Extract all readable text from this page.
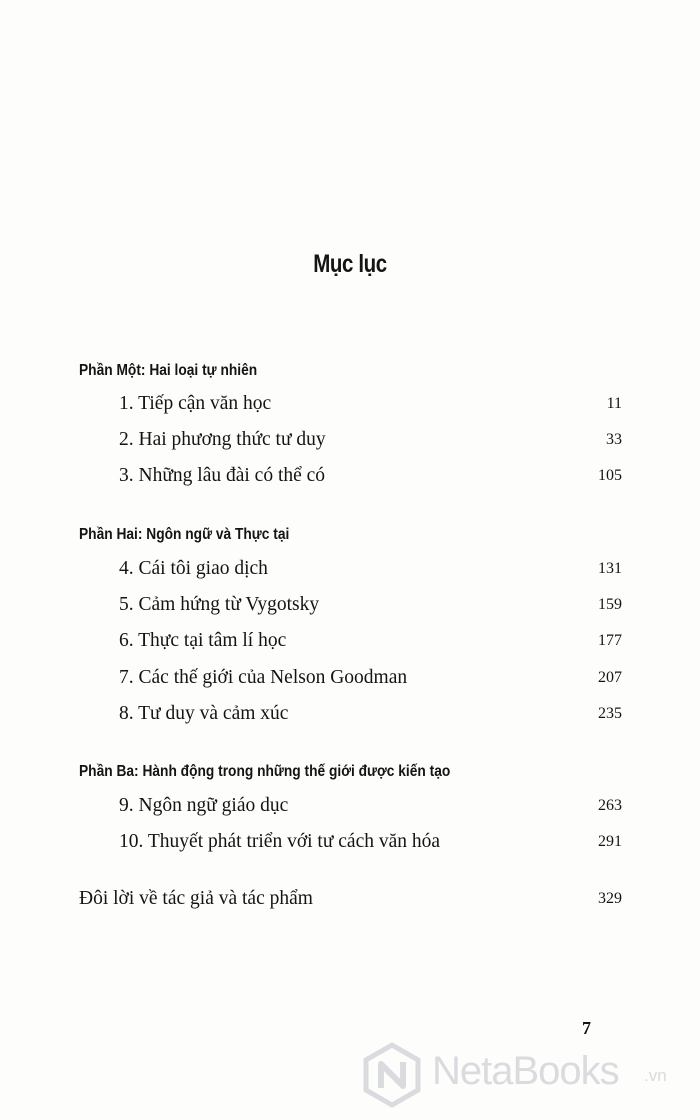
Mục lục
Phần Một: Hai loại tự nhiên
1. Tiếp cận văn học	11
2. Hai phương thức tư duy	33
3. Những lâu đài có thể có	105
Phần Hai: Ngôn ngữ và Thực tại
4. Cái tôi giao dịch	131
5. Cảm hứng từ Vygotsky	159
6. Thực tại tâm lí học	177
7. Các thế giới của Nelson Goodman	207
8. Tư duy và cảm xúc	235
Phần Ba: Hành động trong những thế giới được kiến tạo
9. Ngôn ngữ giáo dục	263
10. Thuyết phát triển với tư cách văn hóa	291
Đôi lời về tác giả và tác phẩm	329
7
NetaBooks .vn
